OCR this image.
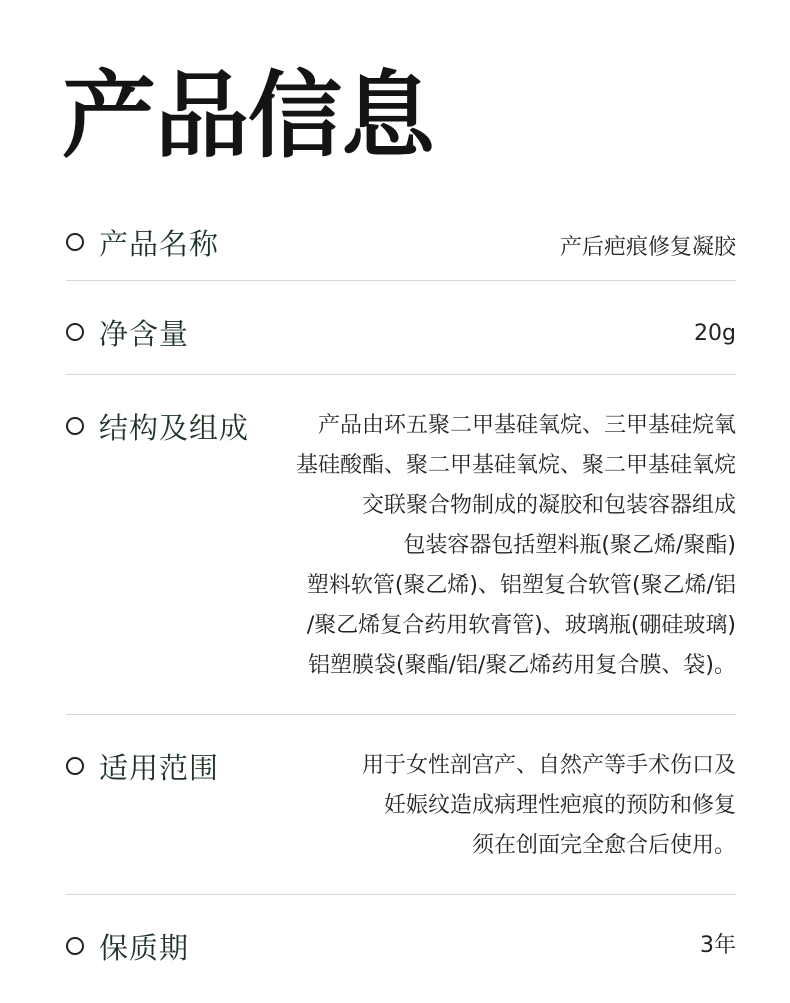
产品信息
产品名称	产后疤痕修复凝胶
净含量	20g
结构及组成	产品由环五聚二甲基硅氧烷、三甲基硅烷氧
基硅酸酯、聚二甲基硅氧烷、聚二甲基硅氧烷
交联聚合物制成的凝胶和包装容器组成
包装容器包括塑料瓶(聚乙烯/聚酯)
塑料软管(聚乙烯)、铝塑复合软管(聚乙烯/铝
/聚乙烯复合药用软膏管)、玻璃瓶(硼硅玻璃)
铝塑膜袋(聚酯/铝/聚乙烯药用复合膜、袋)。
适用范围	用于女性剖宫产、自然产等手术伤口及
妊娠纹造成病理性疤痕的预防和修复
须在创面完全愈合后使用。
保质期	3年
